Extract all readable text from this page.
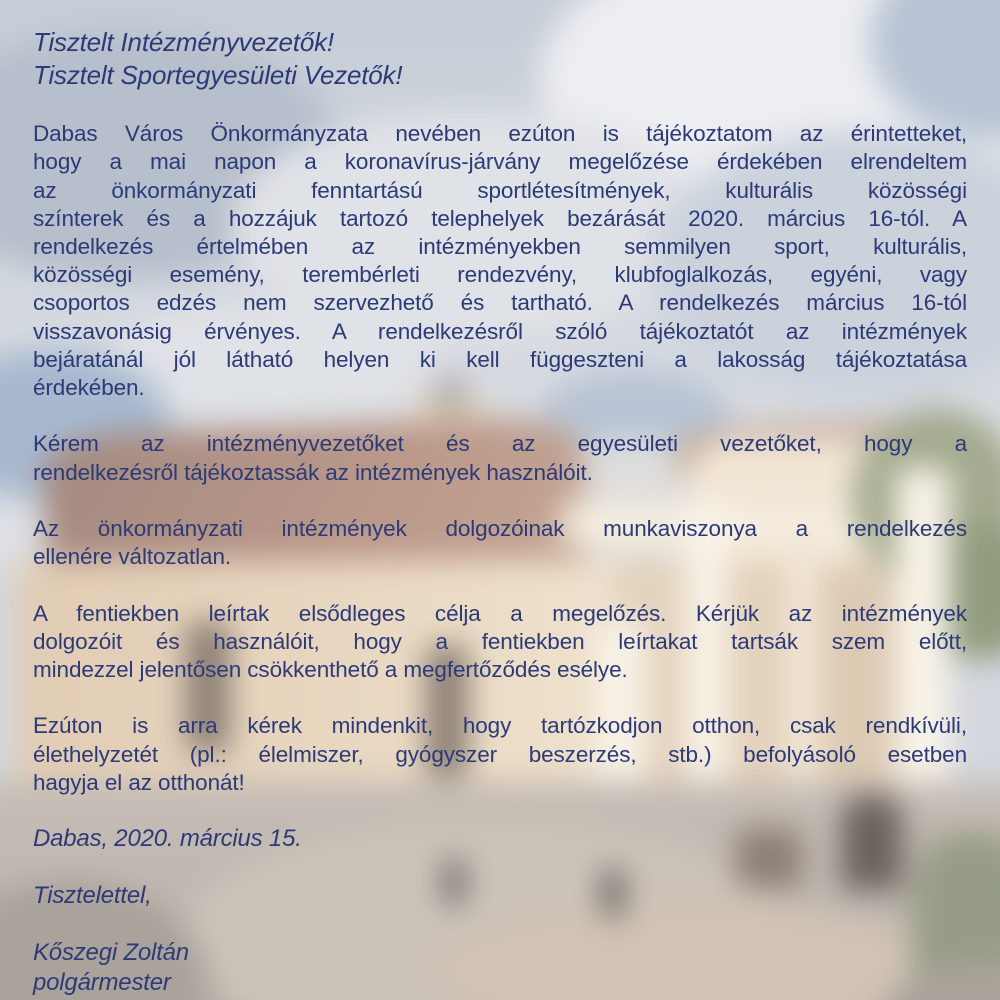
Tisztelt Intézményvezetők!
Tisztelt Sportegyesületi Vezetők!
Dabas Város Önkormányzata nevében ezúton is tájékoztatom az érintetteket,
hogy a mai napon a koronavírus-járvány megelőzése érdekében elrendeltem
az önkormányzati fenntartású sportlétesítmények, kulturális közösségi
színterek és a hozzájuk tartozó telephelyek bezárását 2020. március 16-tól. A
rendelkezés értelmében az intézményekben semmilyen sport, kulturális,
közösségi esemény, terembérleti rendezvény, klubfoglalkozás, egyéni, vagy
csoportos edzés nem szervezhető és tartható. A rendelkezés március 16-tól
visszavonásig érvényes. A rendelkezésről szóló tájékoztatót az intézmények
bejáratánál jól látható helyen ki kell függeszteni a lakosság tájékoztatása
érdekében.
Kérem az intézményvezetőket és az egyesületi vezetőket, hogy a
rendelkezésről tájékoztassák az intézmények használóit.
Az önkormányzati intézmények dolgozóinak munkaviszonya a rendelkezés
ellenére változatlan.
A fentiekben leírtak elsődleges célja a megelőzés. Kérjük az intézmények
dolgozóit és használóit, hogy a fentiekben leírtakat tartsák szem előtt,
mindezzel jelentősen csökkenthető a megfertőződés esélye.
Ezúton is arra kérek mindenkit, hogy tartózkodjon otthon, csak rendkívüli,
élethelyzetét (pl.: élelmiszer, gyógyszer beszerzés, stb.) befolyásoló esetben
hagyja el az otthonát!
Dabas, 2020. március 15.
Tisztelettel,
Kőszegi Zoltán
polgármester
